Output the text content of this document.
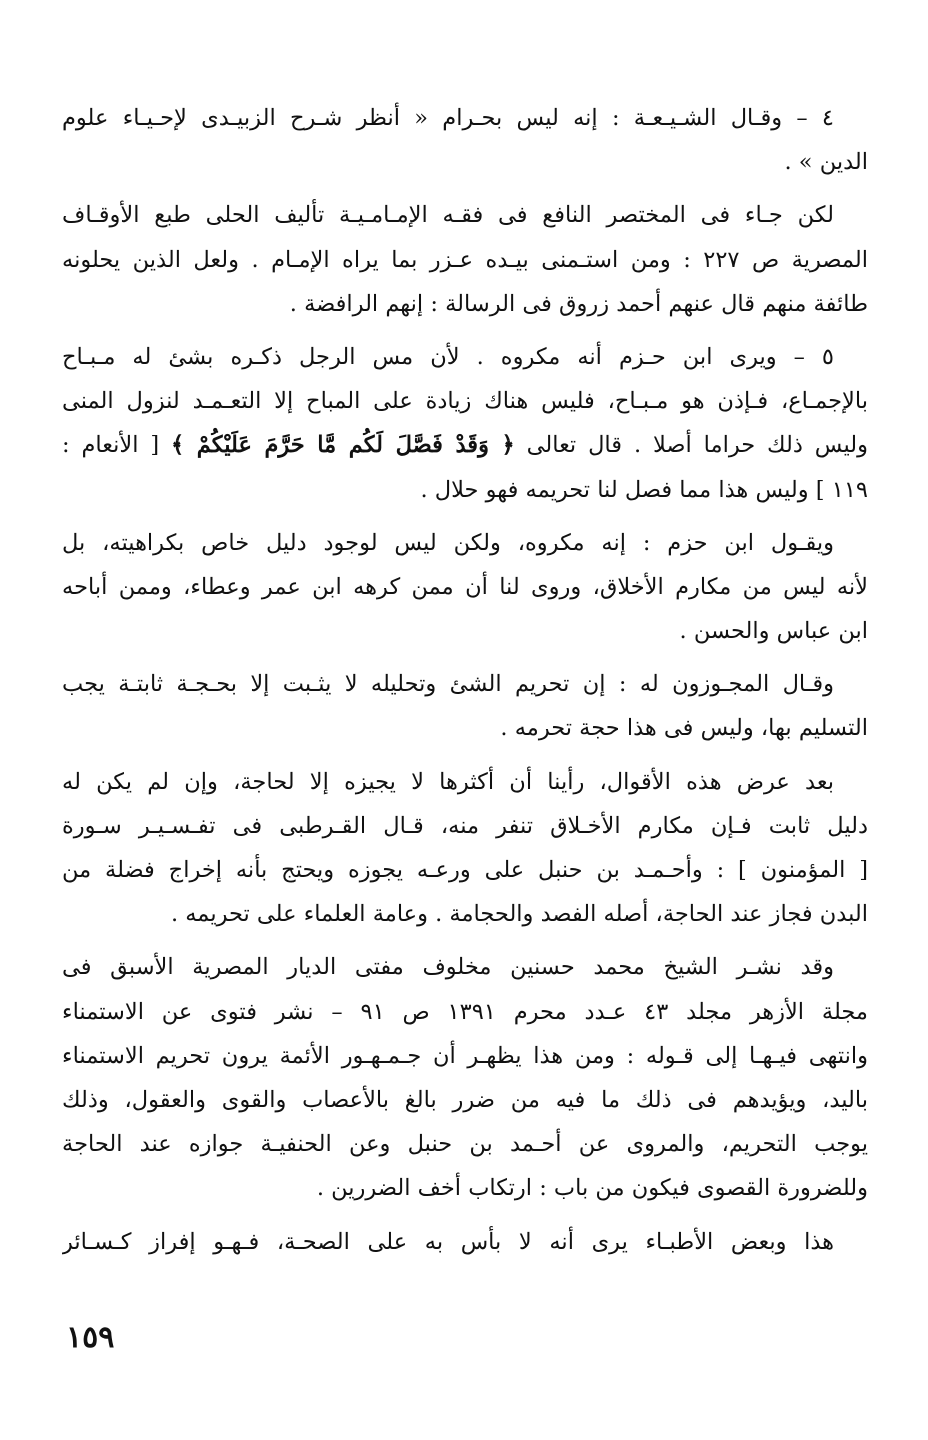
٤ – وقـال الشـيـعـة : إنه ليس بحـرام « أنظر شـرح الزبيـدى لإحـيـاء علوم
الدين » .
لكن جـاء فى المختصر النافع فى فقـه الإمـامـيـة تأليف الحلى طبع الأوقـاف
المصرية ص ٢٢٧ : ومن استـمنى بيـده عـزر بما يراه الإمـام . ولعل الذين يحلونه
طائفة منهم قال عنهم أحمد زروق فى الرسالة : إنهم الرافضة .
٥ – ويرى ابن حـزم أنه مكروه . لأن مس الرجل ذكـره بشئ له مـبـاح
بالإجمـاع، فـإذن هو مـبـاح، فليس هناك زيادة على المباح إلا التعـمـد لنزول المنى
وليس ذلك حراما أصلا . قال تعالى ﴿ وَقَدْ فَصَّلَ لَكُم مَّا حَرَّمَ عَلَيْكُمْ ﴾ [ الأنعام :
١١٩ ] وليس هذا مما فصل لنا تحريمه فهو حلال .
ويقـول ابن حزم : إنه مكروه، ولكن ليس لوجود دليل خاص بكراهيته، بل
لأنه ليس من مكارم الأخلاق، وروى لنا أن ممن كرهه ابن عمر وعطاء، وممن أباحه
ابن عباس والحسن .
وقـال المجـوزون له : إن تحريم الشئ وتحليله لا يثـبت إلا بحـجـة ثابتـة يجب
التسليم بها، وليس فى هذا حجة تحرمه .
بعد عرض هذه الأقوال، رأينا أن أكثرها لا يجيزه إلا لحاجة، وإن لم يكن له
دليل ثابت فـإن مكارم الأخـلاق تنفر منه، قـال القـرطبى فى تفـسـيـر سـورة
[ المؤمنون ] : وأحـمـد بن حنبل على ورعـه يجوزه ويحتج بأنه إخراج فضلة من
البدن فجاز عند الحاجة، أصله الفصد والحجامة . وعامة العلماء على تحريمه .
وقد نشـر الشيخ محمد حسنين مخلوف مفتى الديار المصرية الأسبق فى
مجلة الأزهر مجلد ٤٣ عـدد محرم ١٣٩١ ص ٩١ – نشر فتوى عن الاستمناء
وانتهى فيـهـا إلى قـوله : ومن هذا يظهـر أن جـمـهـور الأئمة يرون تحريم الاستمناء
باليد، ويؤيدهم فى ذلك ما فيه من ضرر بالغ بالأعصاب والقوى والعقول، وذلك
يوجب التحريم، والمروى عن أحـمد بن حنبل وعن الحنفيـة جوازه عند الحاجة
وللضرورة القصوى فيكون من باب : ارتكاب أخف الضررين .
هذا وبعض الأطبـاء يرى أنه لا بأس به على الصحـة، فـهـو إفراز كـسـائر
١٥٩
